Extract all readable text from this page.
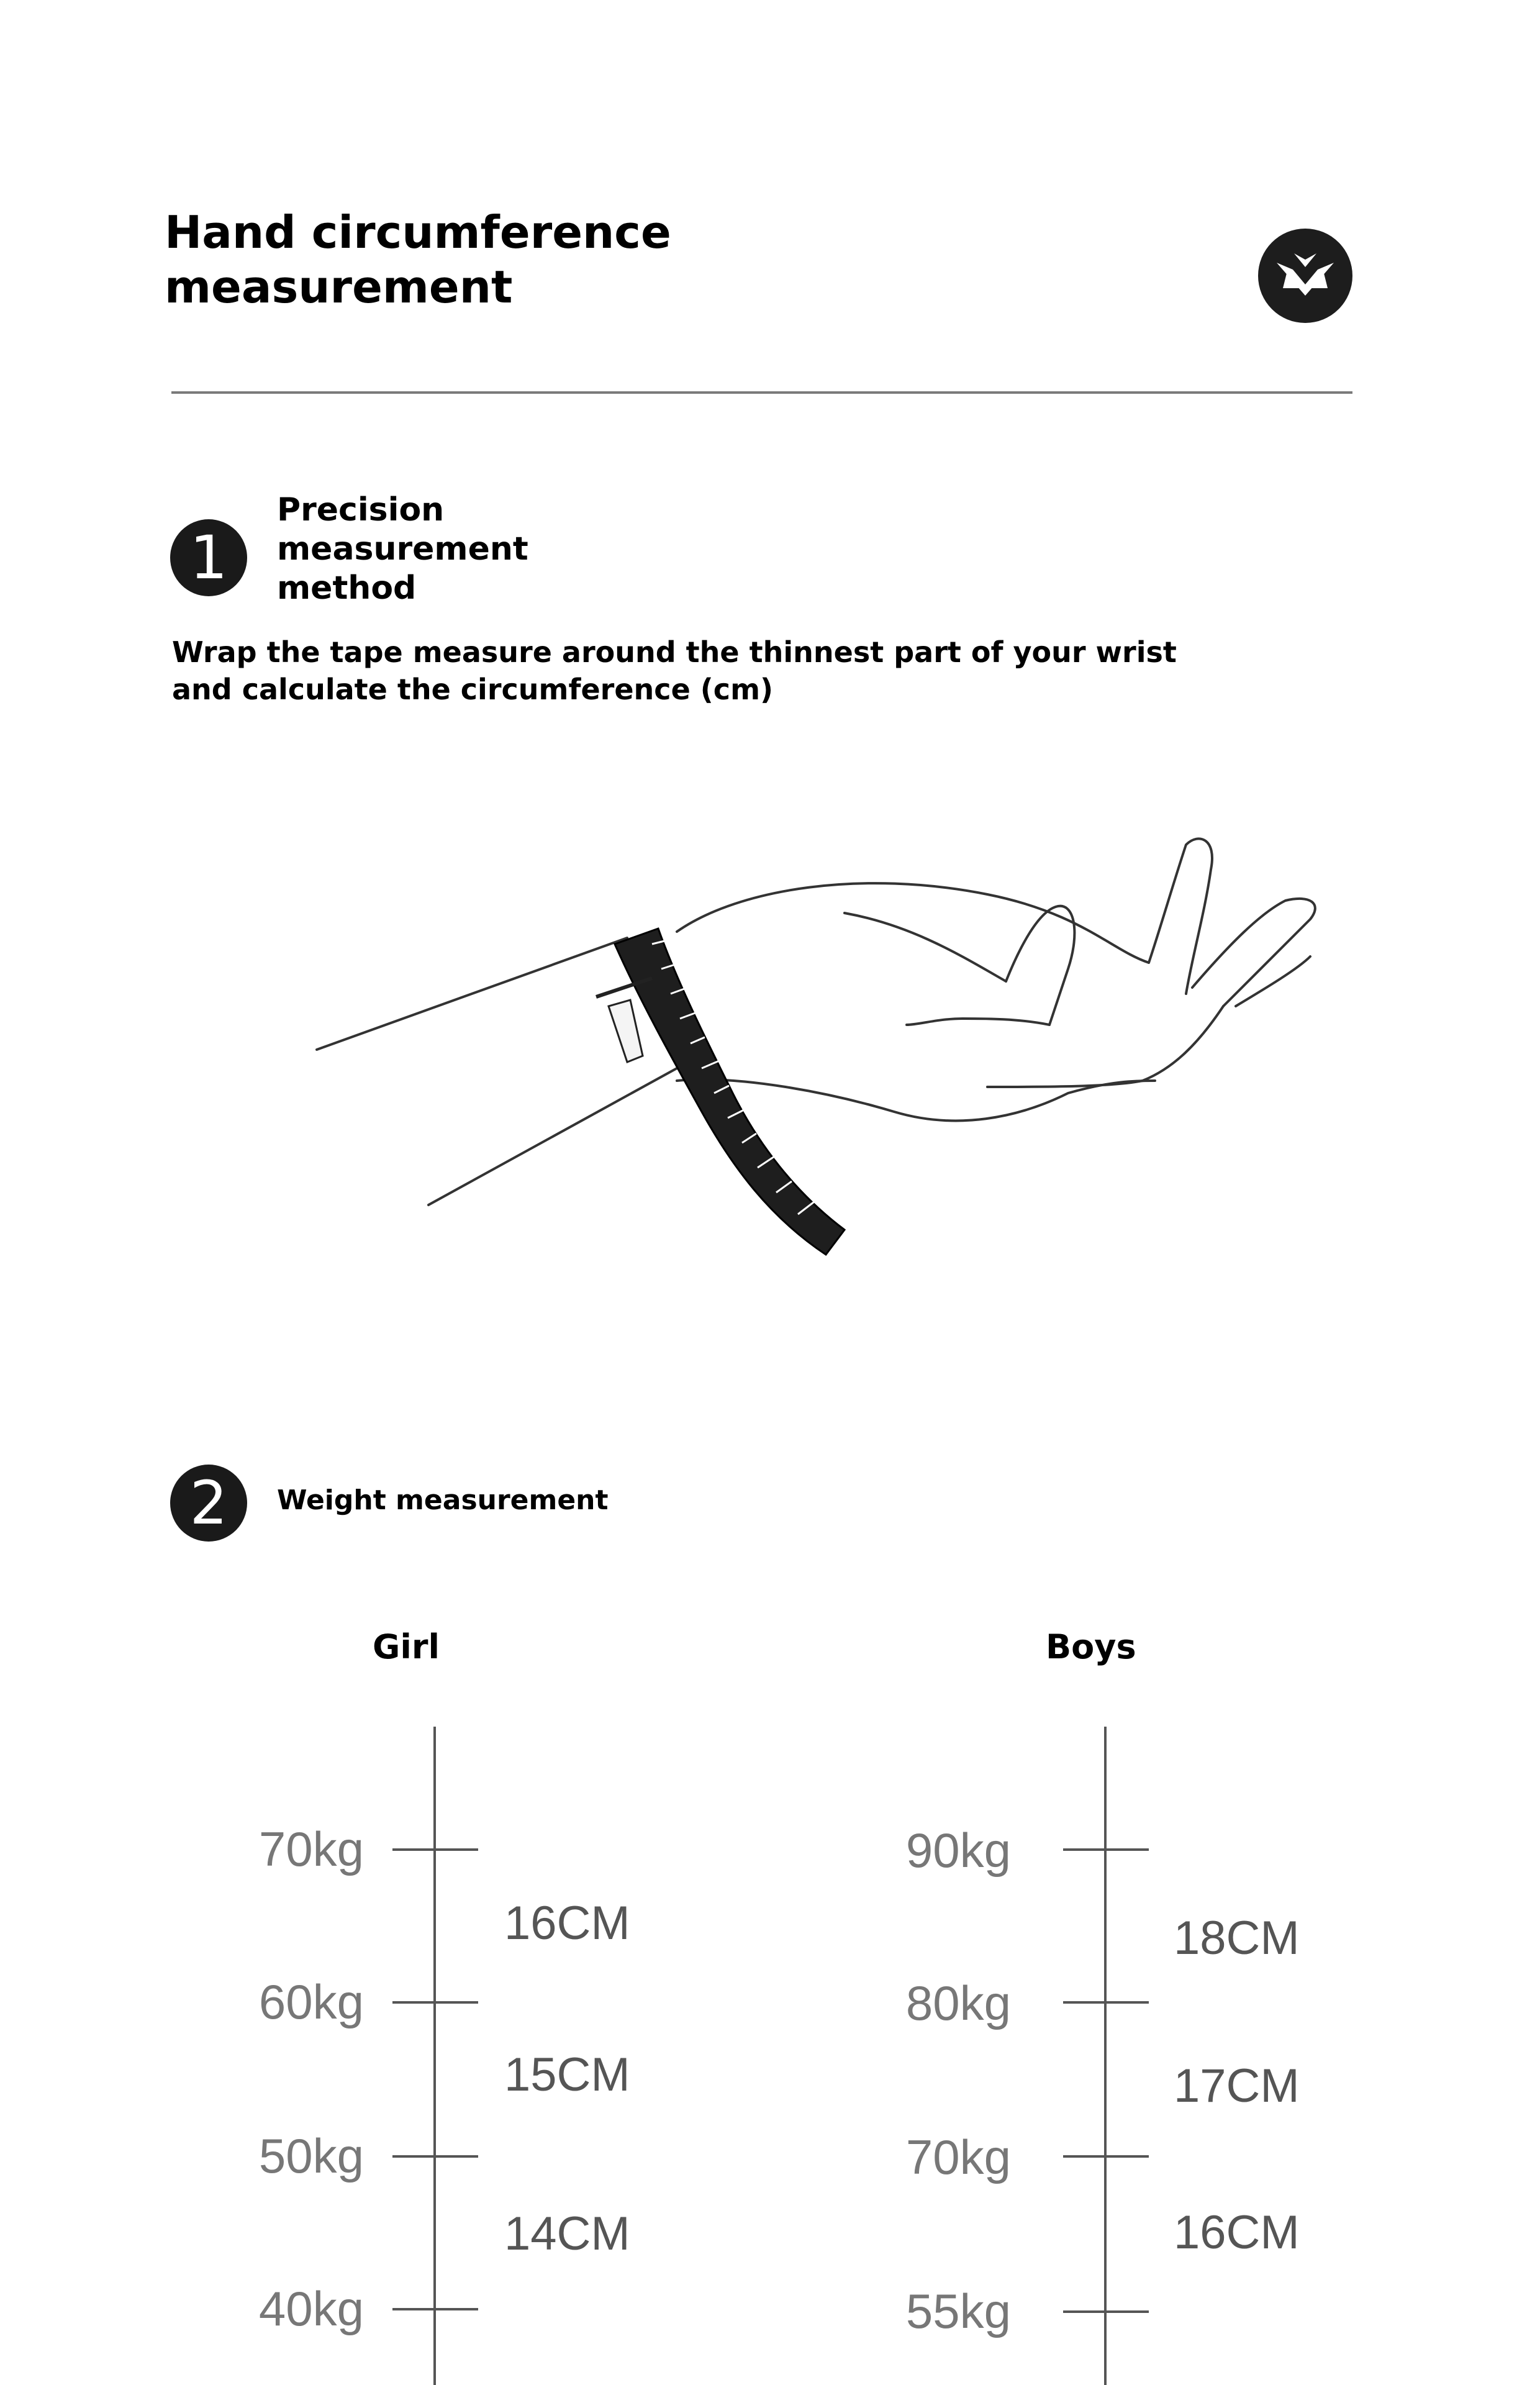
Hand circumference measurement
1
Precision measurement method
Wrap the tape measure around the thinnest part of your wrist and calculate the circumference (cm)
2	Weight measurement
Girl	Boys
70kg
60kg
50kg
40kg
16CM
15CM
14CM
90kg
80kg
70kg
55kg
18CM
17CM
16CM
